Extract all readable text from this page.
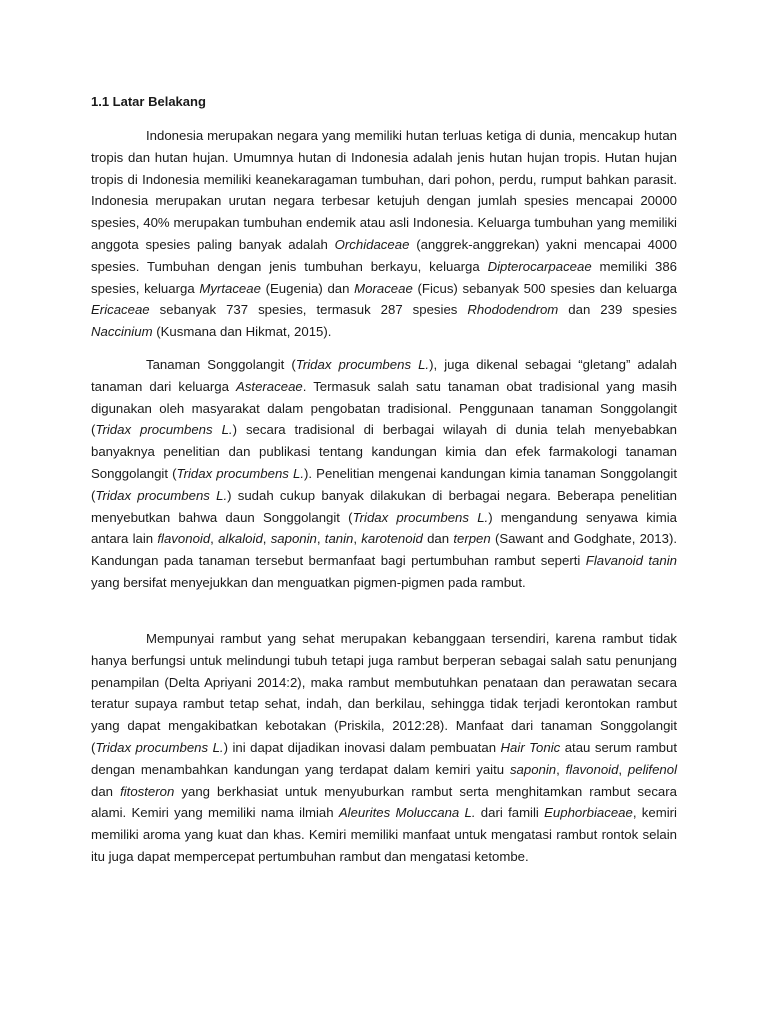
1.1 Latar Belakang

Indonesia merupakan negara yang memiliki hutan terluas ketiga di dunia, mencakup hutan tropis dan hutan hujan. Umumnya hutan di Indonesia adalah jenis hutan hujan tropis. Hutan hujan tropis di Indonesia memiliki keanekaragaman tumbuhan, dari pohon, perdu, rumput bahkan parasit. Indonesia merupakan urutan negara terbesar ketujuh dengan jumlah spesies mencapai 20000 spesies, 40% merupakan tumbuhan endemik atau asli Indonesia. Keluarga tumbuhan yang memiliki anggota spesies paling banyak adalah Orchidaceae (anggrek-anggrekan) yakni mencapai 4000 spesies. Tumbuhan dengan jenis tumbuhan berkayu, keluarga Dipterocarpaceae memiliki 386 spesies, keluarga Myrtaceae (Eugenia) dan Moraceae (Ficus) sebanyak 500 spesies dan keluarga Ericaceae sebanyak 737 spesies, termasuk 287 spesies Rhododendrom dan 239 spesies Naccinium (Kusmana dan Hikmat, 2015).

Tanaman Songgolangit (Tridax procumbens L.), juga dikenal sebagai “gletang” adalah tanaman dari keluarga Asteraceae. Termasuk salah satu tanaman obat tradisional yang masih digunakan oleh masyarakat dalam pengobatan tradisional. Penggunaan tanaman Songgolangit (Tridax procumbens L.) secara tradisional di berbagai wilayah di dunia telah menyebabkan banyaknya penelitian dan publikasi tentang kandungan kimia dan efek farmakologi tanaman Songgolangit (Tridax procumbens L.). Penelitian mengenai kandungan kimia tanaman Songgolangit (Tridax procumbens L.) sudah cukup banyak dilakukan di berbagai negara. Beberapa penelitian menyebutkan bahwa daun Songgolangit (Tridax procumbens L.) mengandung senyawa kimia antara lain flavonoid, alkaloid, saponin, tanin, karotenoid dan terpen (Sawant and Godghate, 2013). Kandungan pada tanaman tersebut bermanfaat bagi pertumbuhan rambut seperti Flavanoid tanin yang bersifat menyejukkan dan menguatkan pigmen-pigmen pada rambut.

Mempunyai rambut yang sehat merupakan kebanggaan tersendiri, karena rambut tidak hanya berfungsi untuk melindungi tubuh tetapi juga rambut berperan sebagai salah satu penunjang penampilan (Delta Apriyani 2014:2), maka rambut membutuhkan penataan dan perawatan secara teratur supaya rambut tetap sehat, indah, dan berkilau, sehingga tidak terjadi kerontokan rambut yang dapat mengakibatkan kebotakan (Priskila, 2012:28). Manfaat dari tanaman Songgolangit (Tridax procumbens L.) ini dapat dijadikan inovasi dalam pembuatan Hair Tonic atau serum rambut dengan menambahkan kandungan yang terdapat dalam kemiri yaitu saponin, flavonoid, pelifenol dan fitosteron yang berkhasiat untuk menyuburkan rambut serta menghitamkan rambut secara alami. Kemiri yang memiliki nama ilmiah Aleurites Moluccana L. dari famili Euphorbiaceae, kemiri memiliki aroma yang kuat dan khas. Kemiri memiliki manfaat untuk mengatasi rambut rontok selain itu juga dapat mempercepat pertumbuhan rambut dan mengatasi ketombe.
